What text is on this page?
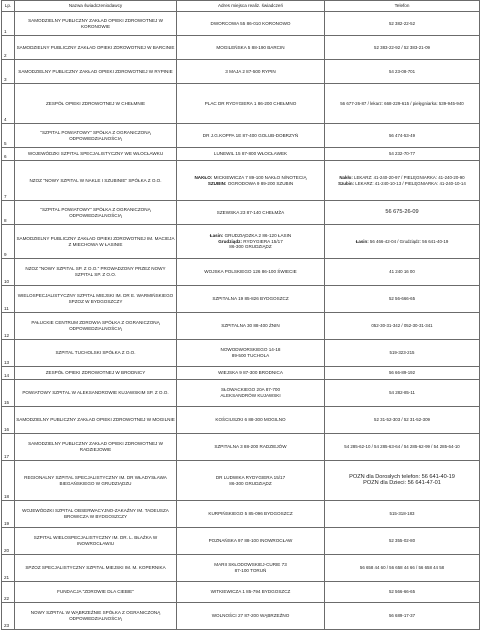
Lp.	Nazwa świadczeniodawcy	Adres miejsca realiz. świadczeń	Telefon
1	SAMODZIELNY PUBLICZNY ZAKŁAD OPIEKI ZDROWOTNEJ W KORONOWIE	DWORCOWA 55 86-010 KORONOWO	52 382-22-52
2	SAMODZIELNY PUBLICZNY ZAKŁAD OPIEKI ZDROWOTNEJ W BARCINIE	MOGILEŃSKA 5 88-190 BARCIN	52 383-22-92 / 52 383-21-09
3	SAMODZIELNY PUBLICZNY ZAKŁAD OPIEKI ZDROWOTNEJ W RYPINIE	3 MAJA 2 87-500 RYPIN	54 23-08-701
4	ZESPÓŁ OPIEKI ZDROWOTNEJ W CHEŁMNIE	PLAC DR RYDYGIERA 1 86-200 CHEŁMNO	56 677-26-87 / lekarz: 668-229-615 / pielęgniarka: 539-945-940
5	"SZPITAL POWIATOWY" SPÓŁKA Z OGRANICZONĄ ODPOWIEDZIALNOŚCIĄ	DR J.G.KOPPA 1E 87-400 GOLUB-DOBRZYŃ	56 474-53-49
6	WOJEWÓDZKI SZPITAL SPECJALISTYCZNY WE WŁOCŁAWKU	LUNEWIL 15 87-800 WŁOCŁAWEK	54 232-70-77
7	NZOZ "NOWY SZPITAL W NAKLE I SZUBINIE" SPÓŁKA Z O.O.	NAKŁO: MICKIEWICZA 7 89-100 NAKŁO N/NOTECIĄ
SZUBIN: OGRODOWA 9 89-200 SZUBIN	Nakło: LEKARZ: 41-240-20-97 / PIELĘGNIARKA: 41-240-20-90
Szubin: LEKARZ: 41-240-10-13 / PIELĘGNIARKA: 41-240-10-14
8	"SZPITAL POWIATOWY" SPÓŁKA Z OGRANICZONĄ ODPOWIEDZIALNOŚCIĄ	SZEWSKA 23 87-140 CHEŁMŻA	56 675-26-09
9	SAMODZIELNY PUBLICZNY ZAKŁAD OPIEKI ZDROWOTNEJ IM. MACIEJA Z MIECHOWA W ŁASINIE	Łasin: GRUDZIĄDZKA 2 86-120 ŁASIN
Grudziądz: RYDYGIERA 15/17
86-300 GRUDZIĄDZ	Łasin: 56 466-42-04 / Grudziądz: 56 641-40-19
10	NZOZ "NOWY SZPITAL SP. Z O.O." PROWADZONY PRZEZ NOWY SZPITAL SP. Z O.O.	WOJSKA POLSKIEGO 126 86-100 ŚWIECIE	41 240 16 00
11	WIELOSPECJALISTYCZNY SZPITAL MIEJSKI IM. DR E. WARMIŃSKIEGO SPZOZ W BYDGOSZCZY	SZPITALNA 19 85-826 BYDGOSZCZ	52 56-666-65
12	PAŁUCKIE CENTRUM ZDROWIA SPÓŁKA Z OGRANICZONĄ ODPOWIEDZIALNOŚCIĄ	SZPITALNA 30 88-400 ŻNIN	052-30-31-342 / 052-30-31-341
13	SZPITAL TUCHOLSKI SPÓŁKA Z O.O.	NOWODWORSKIEGO 14-18
89-500 TUCHOLA	519-323-215
14	ZESPÓŁ OPIEKI ZDROWOTNEJ W BRODNICY	WIEJSKA 9 87-300 BRODNICA	56 66-89-192
15	POWIATOWY SZPITAL W ALEKSANDROWIE KUJAWSKIM SP. Z O.O.	SŁOWACKIEGO 20A 87-700
ALEKSANDRÓW KUJAWSKI	54 282-85-11
16	SAMODZIELNY PUBLICZNY ZAKŁAD OPIEKI ZDROWOTNEJ W MOGILNIE	KOŚCIUSZKI 6 88-300 MOGILNO	52 31-52-303 / 52 31-52-309
17	SAMODZIELNY PUBLICZNY ZAKŁAD OPIEKI ZDROWOTNEJ W RADZIEJOWIE	SZPITALNA 3 88-200 RADZIEJÓW	54 285-62-10 / 54 285-63-64 / 54 285-62-99 / 54 285-64-10
18	REGIONALNY SZPITAL SPECJALISTYCZNY IM. DR WŁADYSŁAWA BIEGAŃSKIEGO W GRUDZIĄDZU	DR LUDWIKA RYDYGIERA 15/17
86-300 GRUDZIĄDZ	POZN dla Dorosłych telefon: 56 641-40-19
POZN dla Dzieci: 56 641-47-01
19	WOJEWÓDZKI SZPITAL OBSERWACYJNO-ZAKAŹNY IM. TADEUSZA BROWICZA W BYDGOSZCZY	KURPIŃSKIEGO 5 85-096 BYDGOSZCZ	515-318-183
20	SZPITAL WIELOSPECJALISTYCZNY IM. DR. L. BŁAŻKA W INOWROCŁAWIU	POZNAŃSKA 97 88-100 INOWROCŁAW	52 355-02-80
21	SPZOZ SPECJALISTYCZNY SZPITAL MIEJSKI IM. M. KOPERNIKA	MARII SKŁODOWSKIEJ-CURIE 73
87-100 TORUŃ	56 658 44 60 / 56 658 44 66 / 56 658 44 58
22	FUNDACJA "ZDROWIE DLA CIEBIE"	WITKIEWICZA 1 85-794 BYDGOSZCZ	52 566-66-65
23	NOWY SZPITAL W WĄBRZEŹNIE SPÓŁKA Z OGRANICZONĄ ODPOWIEDZIALNOŚCIĄ	WOLNOŚCI 27 87-200 WĄBRZEŹNO	56 689-17-37
